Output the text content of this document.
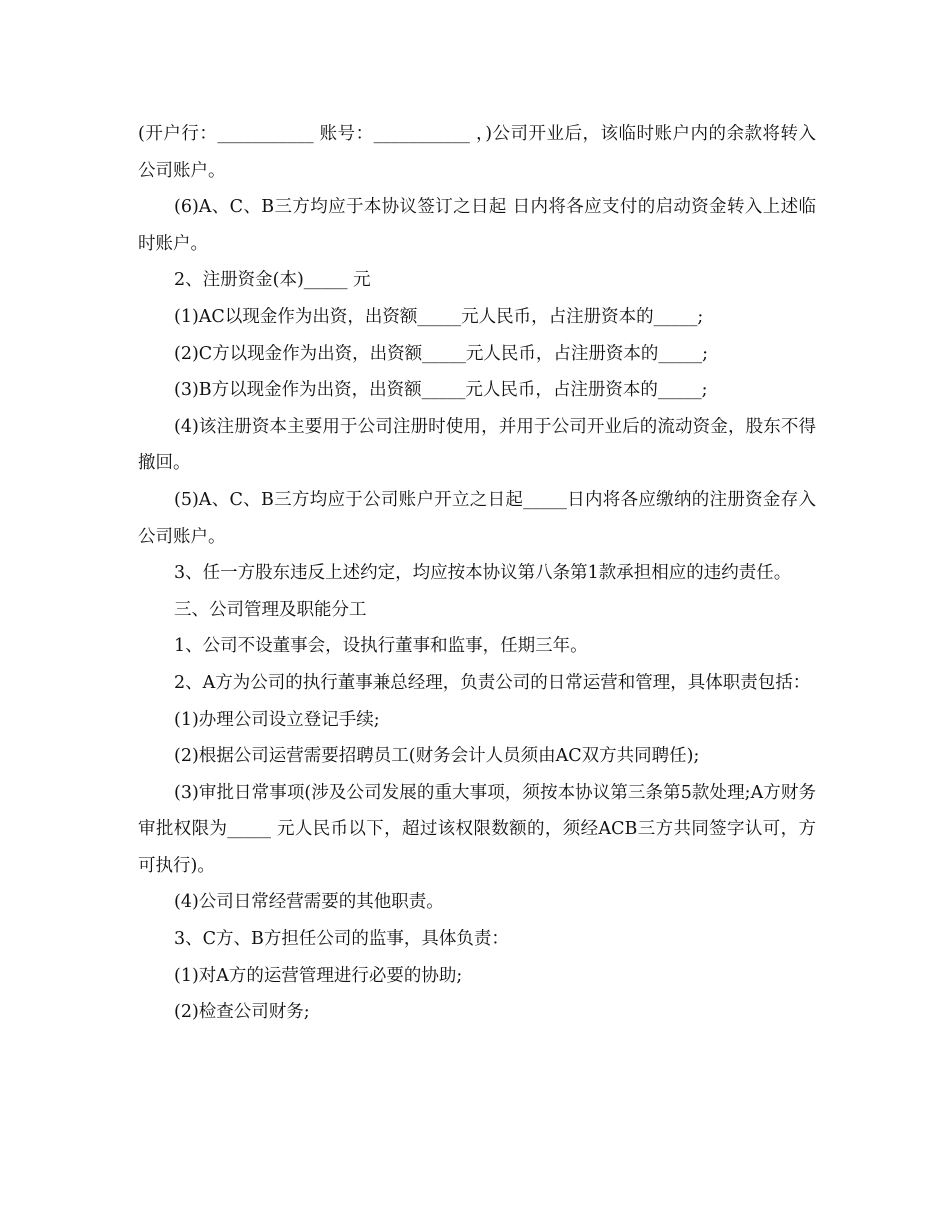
(开户行：___________ 账号：___________ ，)公司开业后，该临时账户内的余款将转入公司账户。

(6)A、C、B三方均应于本协议签订之日起 日内将各应支付的启动资金转入上述临时账户。

2、注册资金(本)_____ 元

(1)AC以现金作为出资，出资额_____元人民币，占注册资本的_____;

(2)C方以现金作为出资，出资额_____元人民币，占注册资本的_____;

(3)B方以现金作为出资，出资额_____元人民币，占注册资本的_____;

(4)该注册资本主要用于公司注册时使用，并用于公司开业后的流动资金，股东不得撤回。

(5)A、C、B三方均应于公司账户开立之日起_____日内将各应缴纳的注册资金存入公司账户。

3、任一方股东违反上述约定，均应按本协议第八条第1款承担相应的违约责任。

三、公司管理及职能分工

1、公司不设董事会，设执行董事和监事，任期三年。

2、A方为公司的执行董事兼总经理，负责公司的日常运营和管理，具体职责包括：

(1)办理公司设立登记手续;

(2)根据公司运营需要招聘员工(财务会计人员须由AC双方共同聘任);

(3)审批日常事项(涉及公司发展的重大事项，须按本协议第三条第5款处理;A方财务审批权限为_____ 元人民币以下，超过该权限数额的，须经ACB三方共同签字认可，方可执行)。

(4)公司日常经营需要的其他职责。

3、C方、B方担任公司的监事，具体负责：

(1)对A方的运营管理进行必要的协助;

(2)检查公司财务;
